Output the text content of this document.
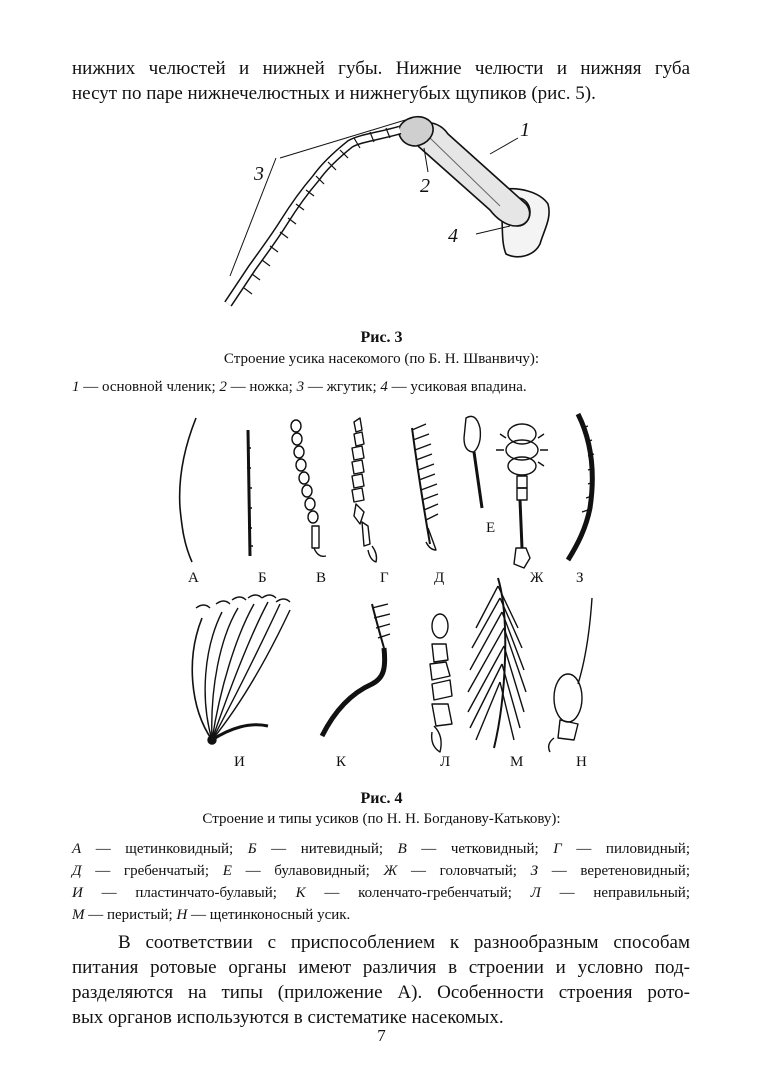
нижних челюстей и нижней губы. Нижние челюсти и нижняя губа
несут по паре нижнечелюстных и нижнегубых щупиков (рис. 5).
1
2
3
4
Рис. 3
Строение усика насекомого (по Б. Н. Шванвичу):
1 — основной членик; 2 — ножка; 3 — жгутик; 4 — усиковая впадина.
А	Б	В	Г	Д
Е
Ж З
И	К	Л	М	Н
Рис. 4
Строение и типы усиков (по Н. Н. Богданову-Катькову):
А — щетинковидный; Б — нитевидный; В — четковидный; Г — пиловидный;
Д — гребенчатый; Е — булавовидный; Ж — головчатый; З — веретеновидный;
И — пластинчато-булавый; К — коленчато-гребенчатый; Л — неправильный;
М — перистый; Н — щетинконосный усик.
В соответствии с приспособлением к разнообразным способам
питания ротовые органы имеют различия в строении и условно под-
разделяются на типы (приложение А). Особенности строения рото-
вых органов используются в систематике насекомых.
7
